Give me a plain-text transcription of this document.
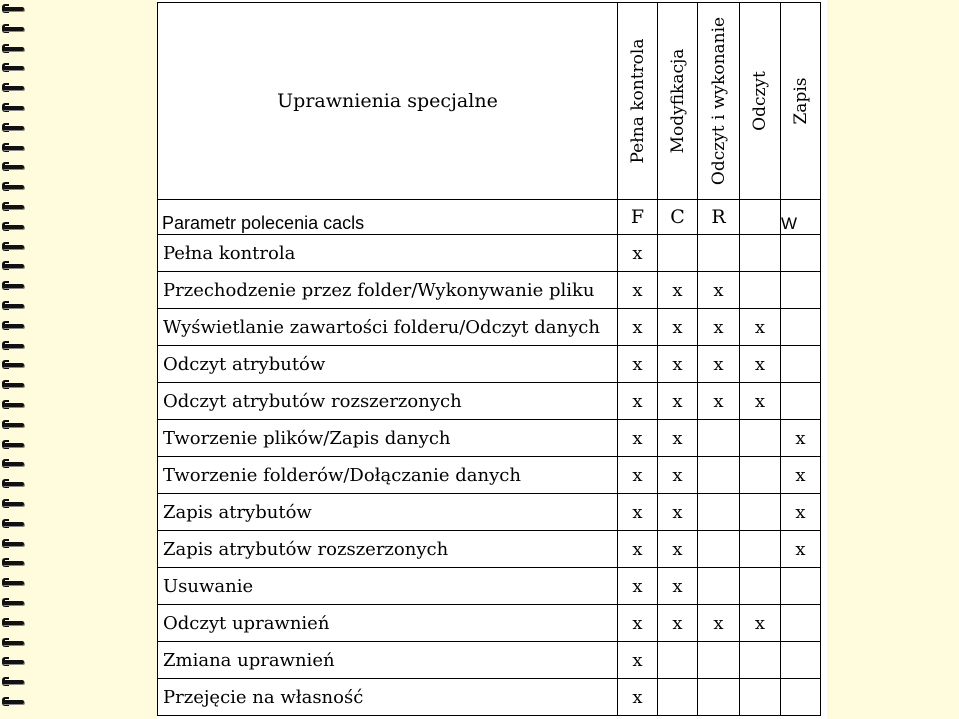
Uprawnienia specjalne	Pełna kontrola	Modyfikacja	Odczyt i wykonanie	Odczyt	Zapis

Parametr polecenia cacls	F	C	R		W
Pełna kontrola	x				
Przechodzenie przez folder/Wykonywanie pliku	x	x	x		
Wyświetlanie zawartości folderu/Odczyt danych	x	x	x	x	
Odczyt atrybutów	x	x	x	x	
Odczyt atrybutów rozszerzonych	x	x	x	x	
Tworzenie plików/Zapis danych	x	x			x
Tworzenie folderów/Dołączanie danych	x	x			x
Zapis atrybutów	x	x			x
Zapis atrybutów rozszerzonych	x	x			x
Usuwanie	x	x			
Odczyt uprawnień	x	x	x	x	
Zmiana uprawnień	x				
Przejęcie na własność	x				
